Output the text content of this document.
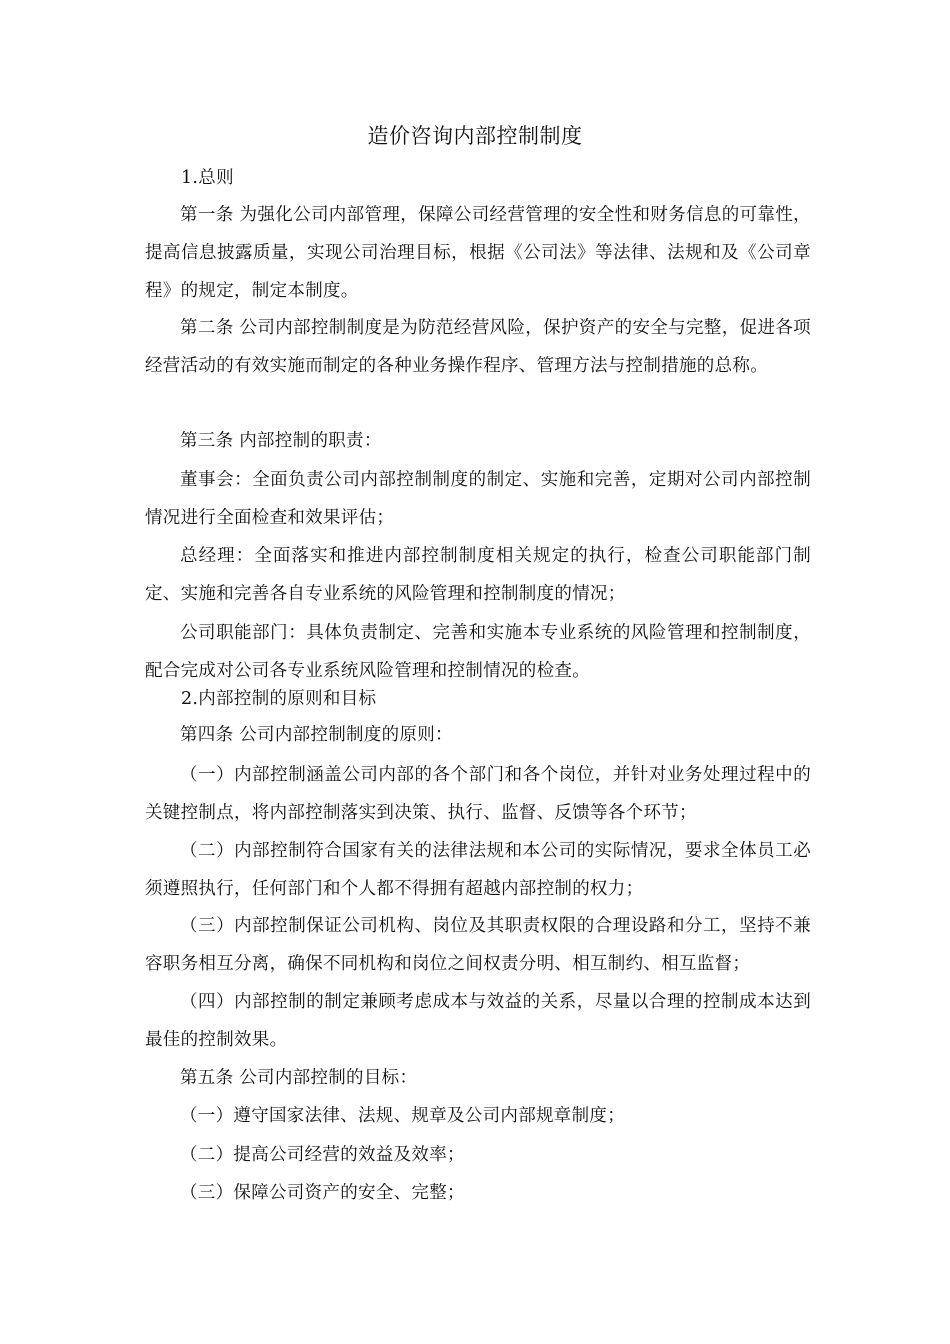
造价咨询内部控制制度
1.总则
第一条 为强化公司内部管理，保障公司经营管理的安全性和财务信息的可靠性，提高信息披露质量，实现公司治理目标，根据《公司法》等法律、法规和及《公司章程》的规定，制定本制度。
第二条 公司内部控制制度是为防范经营风险，保护资产的安全与完整，促进各项经营活动的有效实施而制定的各种业务操作程序、管理方法与控制措施的总称。
第三条 内部控制的职责：
董事会：全面负责公司内部控制制度的制定、实施和完善，定期对公司内部控制情况进行全面检查和效果评估；
总经理：全面落实和推进内部控制制度相关规定的执行，检查公司职能部门制定、实施和完善各自专业系统的风险管理和控制制度的情况；
公司职能部门：具体负责制定、完善和实施本专业系统的风险管理和控制制度，配合完成对公司各专业系统风险管理和控制情况的检查。
2.内部控制的原则和目标
第四条 公司内部控制制度的原则：
（一）内部控制涵盖公司内部的各个部门和各个岗位，并针对业务处理过程中的关键控制点，将内部控制落实到决策、执行、监督、反馈等各个环节；
（二）内部控制符合国家有关的法律法规和本公司的实际情况，要求全体员工必须遵照执行，任何部门和个人都不得拥有超越内部控制的权力；
（三）内部控制保证公司机构、岗位及其职责权限的合理设路和分工，坚持不兼容职务相互分离，确保不同机构和岗位之间权责分明、相互制约、相互监督；
（四）内部控制的制定兼顾考虑成本与效益的关系，尽量以合理的控制成本达到最佳的控制效果。
第五条 公司内部控制的目标：
（一）遵守国家法律、法规、规章及公司内部规章制度；
（二）提高公司经营的效益及效率；
（三）保障公司资产的安全、完整；
